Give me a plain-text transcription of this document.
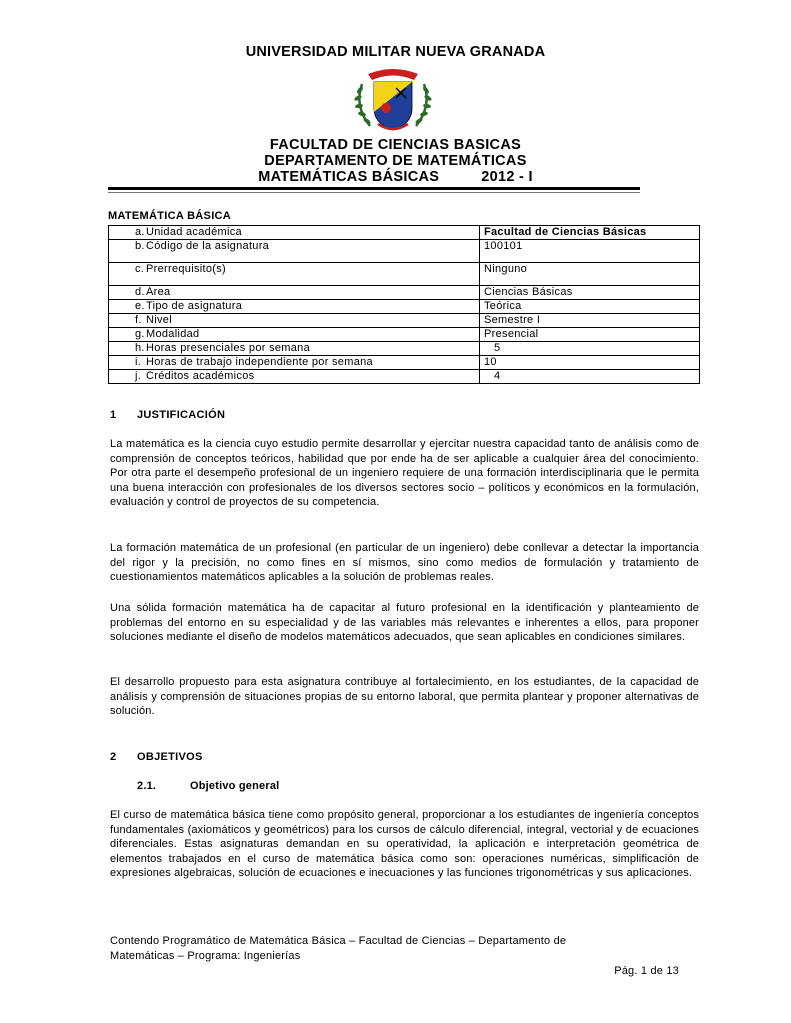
UNIVERSIDAD MILITAR NUEVA GRANADA
FACULTAD DE CIENCIAS BASICAS
DEPARTAMENTO DE MATEMÁTICAS
MATEMÁTICAS BÁSICAS	2012 - I
MATEMÁTICA BÁSICA
a.Unidad académica	Facultad de Ciencias Básicas
b.Código de la asignatura	100101
c. Prerrequisito(s)	Ninguno
d.Área	Ciencias Básicas
e.Tipo de asignatura	Teórica
f. Nivel	Semestre I
g.Modalidad	Presencial
h.Horas presenciales por semana	5
i. Horas de trabajo independiente por semana	10
j. Créditos académicos	4
1 JUSTIFICACIÓN
La matemática es la ciencia cuyo estudio permite desarrollar y ejercitar nuestra capacidad tanto de análisis como de comprensión de conceptos teóricos, habilidad que por ende ha de ser aplicable a cualquier área del conocimiento. Por otra parte el desempeño profesional de un ingeniero requiere de una formación interdisciplinaria que le permita una buena interacción con profesionales de los diversos sectores socio – políticos y económicos en la formulación, evaluación y control de proyectos de su competencia.
La formación matemática de un profesional (en particular de un ingeniero) debe conllevar a detectar la importancia del rigor y la precisión, no como fines en sí mismos, sino como medios de formulación y tratamiento de cuestionamientos matemáticos aplicables a la solución de problemas reales.
Una sólida formación matemática ha de capacitar al futuro profesional en la identificación y planteamiento de problemas del entorno en su especialidad y de las variables más relevantes e inherentes a ellos, para proponer soluciones mediante el diseño de modelos matemáticos adecuados, que sean aplicables en condiciones similares.
El desarrollo propuesto para esta asignatura contribuye al fortalecimiento, en los estudiantes, de la capacidad de análisis y comprensión de situaciones propias de su entorno laboral, que permita plantear y proponer alternativas de solución.
2 OBJETIVOS
2.1.	Objetivo general
El curso de matemática básica tiene como propósito general, proporcionar a los estudiantes de ingeniería conceptos fundamentales (axiomáticos y geométricos) para los cursos de cálculo diferencial, integral, vectorial y de ecuaciones diferenciales. Estas asignaturas demandan en su operatividad, la aplicación e interpretación geométrica de elementos trabajados en el curso de matemática básica como son: operaciones numéricas, simplificación de expresiones algebraicas, solución de ecuaciones e inecuaciones y las funciones trigonométricas y sus aplicaciones.
Contendo Programático de Matemática Básica – Facultad de Ciencias – Departamento de
Matemáticas – Programa: Ingenierías
Pág. 1 de 13
